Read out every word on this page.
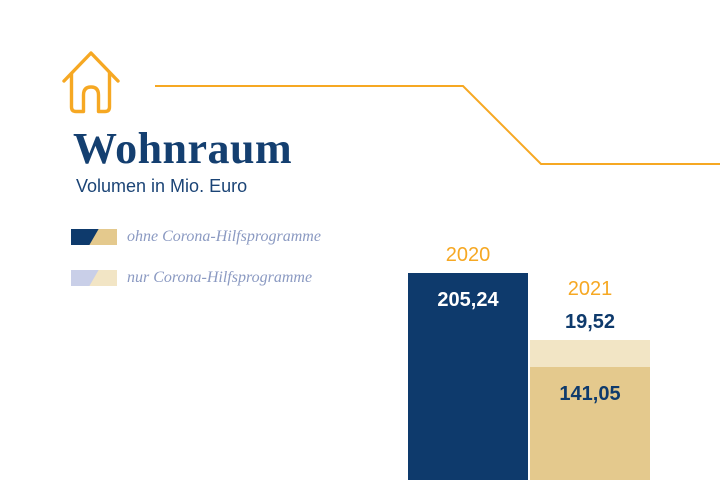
Wohnraum
Volumen in Mio. Euro
ohne Corona-Hilfsprogramme
nur Corona-Hilfsprogramme
2020
2021
205,24
19,52
141,05
